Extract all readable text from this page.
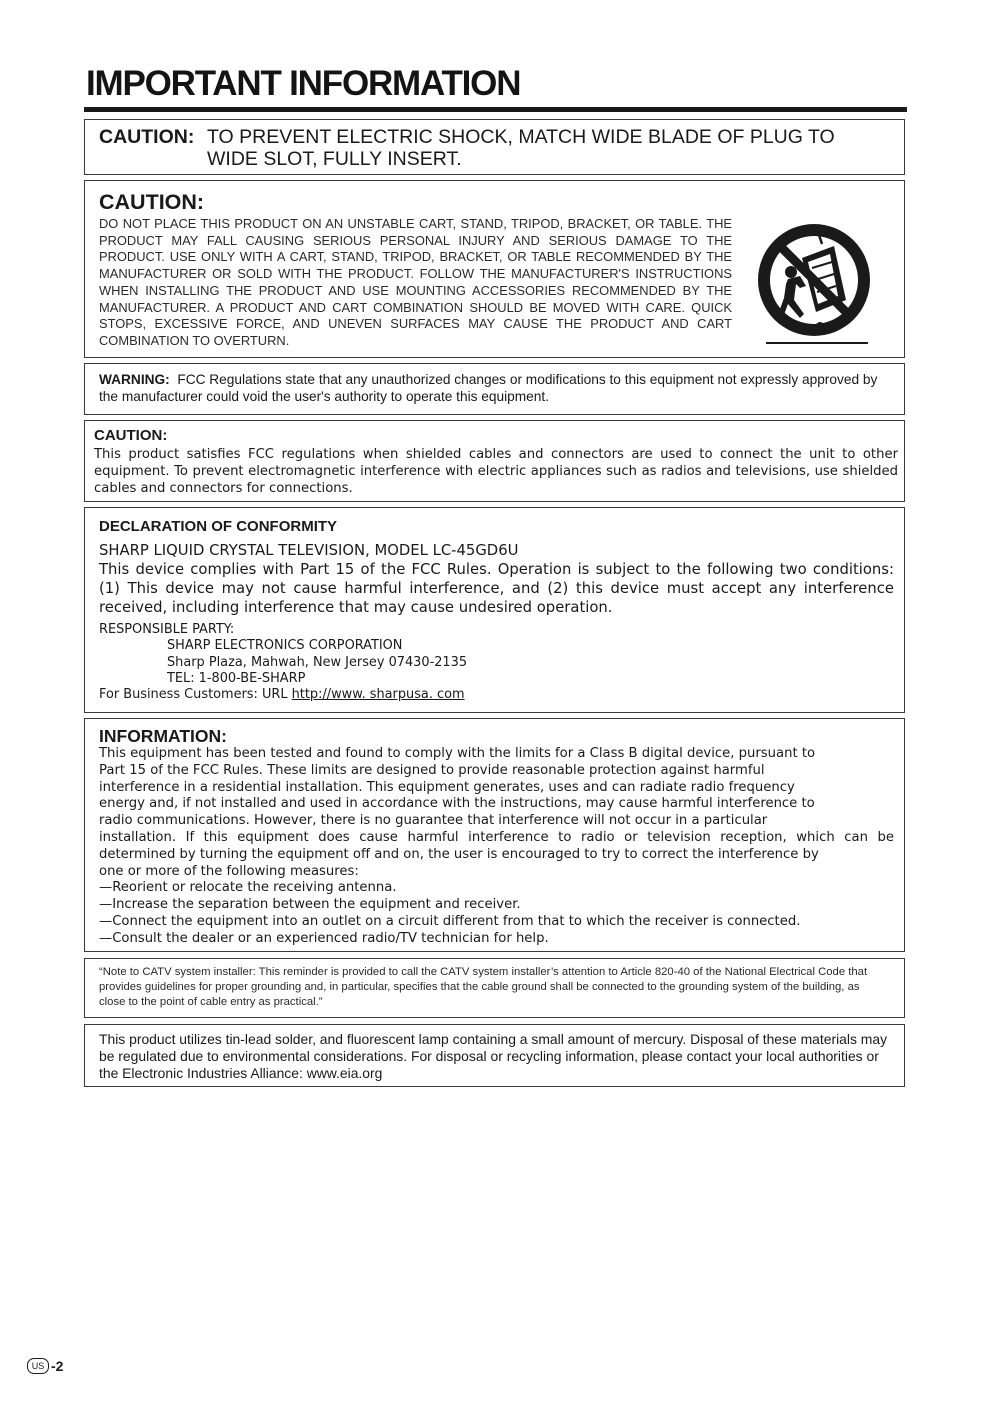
IMPORTANT INFORMATION
CAUTION: TO PREVENT ELECTRIC SHOCK, MATCH WIDE BLADE OF PLUG TO WIDE SLOT, FULLY INSERT.
CAUTION:
DO NOT PLACE THIS PRODUCT ON AN UNSTABLE CART, STAND, TRIPOD, BRACKET, OR TABLE. THE PRODUCT MAY FALL CAUSING SERIOUS PERSONAL INJURY AND SERIOUS DAMAGE TO THE PRODUCT. USE ONLY WITH A CART, STAND, TRIPOD, BRACKET, OR TABLE RECOMMENDED BY THE MANUFACTURER OR SOLD WITH THE PRODUCT. FOLLOW THE MANUFACTURER'S INSTRUCTIONS WHEN INSTALLING THE PRODUCT AND USE MOUNTING ACCESSORIES RECOMMENDED BY THE MANUFACTURER. A PRODUCT AND CART COMBINATION SHOULD BE MOVED WITH CARE. QUICK STOPS, EXCESSIVE FORCE, AND UNEVEN SURFACES MAY CAUSE THE PRODUCT AND CART COMBINATION TO OVERTURN.
WARNING: FCC Regulations state that any unauthorized changes or modifications to this equipment not expressly approved by the manufacturer could void the user's authority to operate this equipment.
CAUTION:
This product satisfies FCC regulations when shielded cables and connectors are used to connect the unit to other equipment. To prevent electromagnetic interference with electric appliances such as radios and televisions, use shielded cables and connectors for connections.
DECLARATION OF CONFORMITY
SHARP LIQUID CRYSTAL TELEVISION, MODEL LC-45GD6U
This device complies with Part 15 of the FCC Rules. Operation is subject to the following two conditions: (1) This device may not cause harmful interference, and (2) this device must accept any interference received, including interference that may cause undesired operation.
RESPONSIBLE PARTY:
SHARP ELECTRONICS CORPORATION
Sharp Plaza, Mahwah, New Jersey 07430-2135
TEL: 1-800-BE-SHARP
For Business Customers: URL http://www. sharpusa. com
INFORMATION:
This equipment has been tested and found to comply with the limits for a Class B digital device, pursuant to
Part 15 of the FCC Rules. These limits are designed to provide reasonable protection against harmful
interference in a residential installation. This equipment generates, uses and can radiate radio frequency
energy and, if not installed and used in accordance with the instructions, may cause harmful interference to
radio communications. However, there is no guarantee that interference will not occur in a particular
installation. If this equipment does cause harmful interference to radio or television reception, which can be
determined by turning the equipment off and on, the user is encouraged to try to correct the interference by
one or more of the following measures:
—Reorient or relocate the receiving antenna.
—Increase the separation between the equipment and receiver.
—Connect the equipment into an outlet on a circuit different from that to which the receiver is connected.
—Consult the dealer or an experienced radio/TV technician for help.
“Note to CATV system installer: This reminder is provided to call the CATV system installer’s attention to Article 820-40 of the National Electrical Code that provides guidelines for proper grounding and, in particular, specifies that the cable ground shall be connected to the grounding system of the building, as close to the point of cable entry as practical.”
This product utilizes tin-lead solder, and fluorescent lamp containing a small amount of mercury. Disposal of these materials may be regulated due to environmental considerations. For disposal or recycling information, please contact your local authorities or the Electronic Industries Alliance: www.eia.org
US -2
